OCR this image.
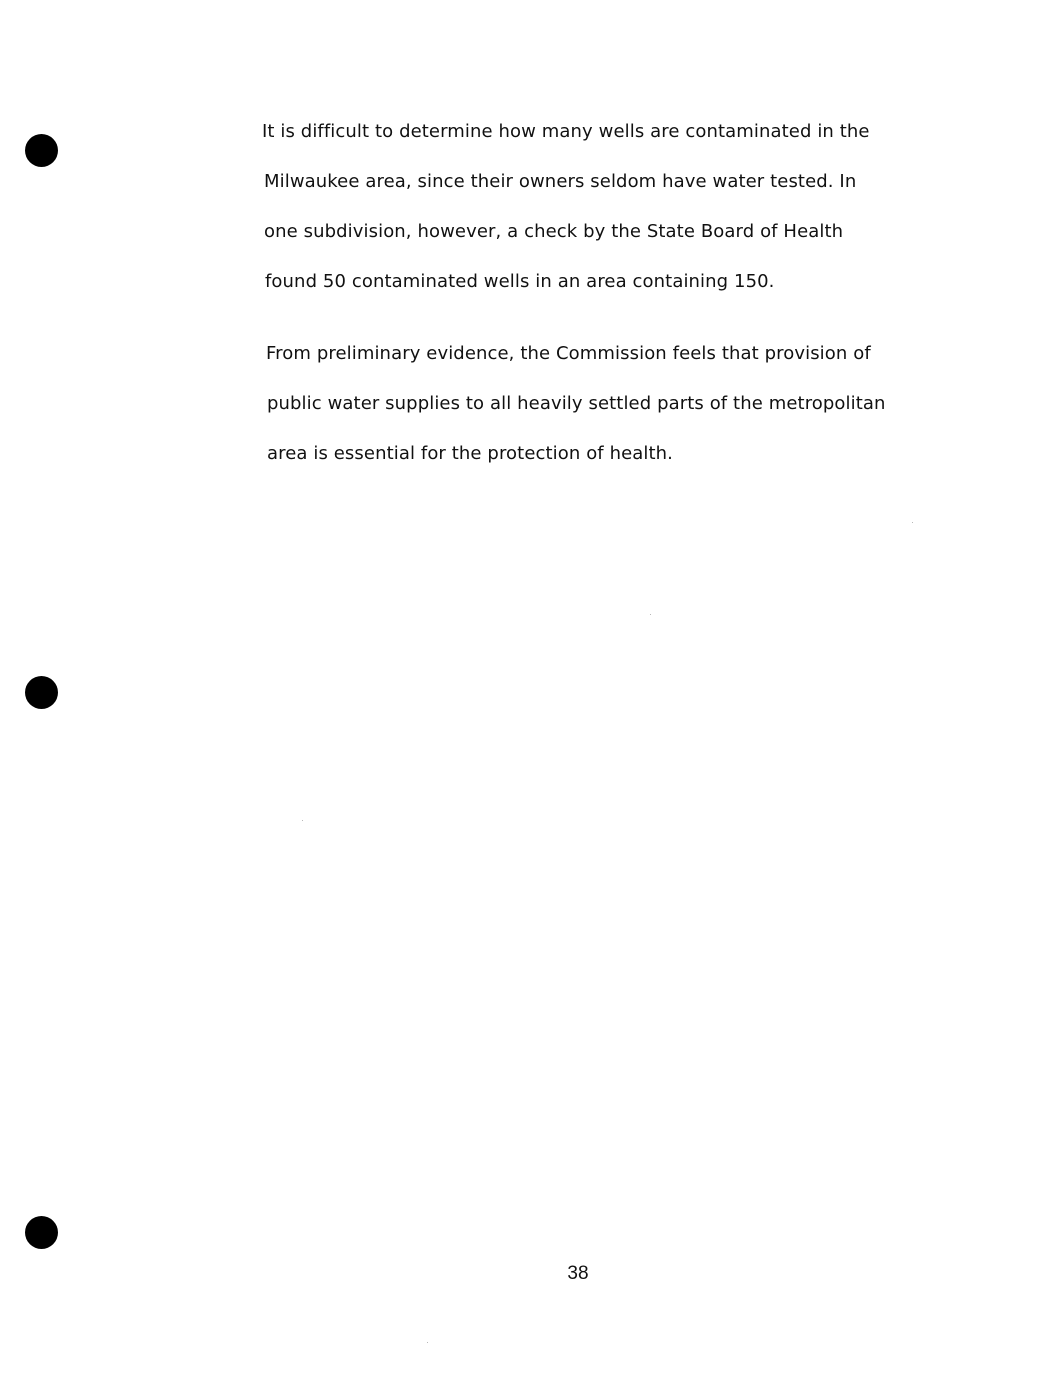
It is difficult to determine how many wells are contaminated in the
Milwaukee area, since their owners seldom have water tested. In
one subdivision, however, a check by the State Board of Health
found 50 contaminated wells in an area containing 150.
From preliminary evidence, the Commission feels that provision of
public water supplies to all heavily settled parts of the metropolitan
area is essential for the protection of health.
38
